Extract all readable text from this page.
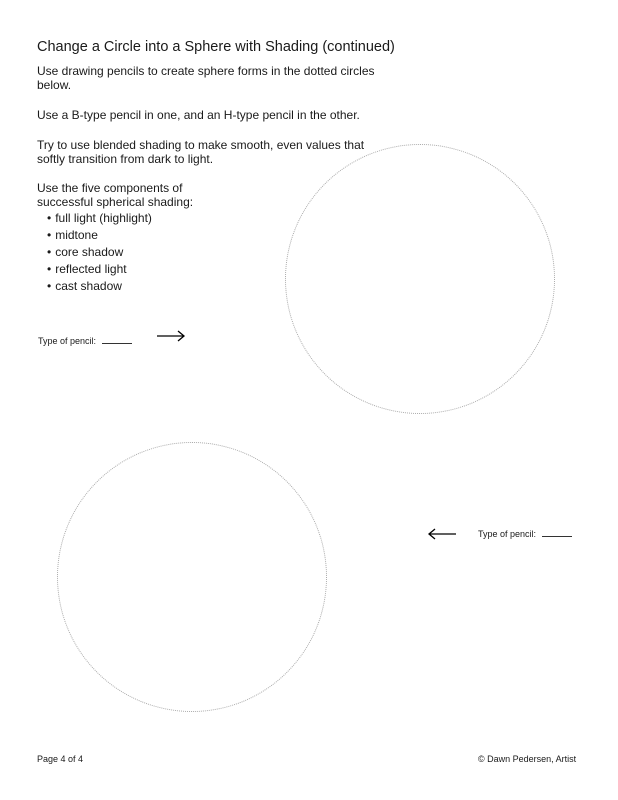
Change a Circle into a Sphere with Shading (continued)
Use drawing pencils to create sphere forms in the dotted circles below.
Use a B-type pencil in one, and an H-type pencil in the other.
Try to use blended shading to make smooth, even values that softly transition from dark to light.
Use the five components of successful spherical shading:
• full light (highlight)
• midtone
• core shadow
• reflected light
• cast shadow
Type of pencil:
Type of pencil:
Page 4 of 4	© Dawn Pedersen, Artist
